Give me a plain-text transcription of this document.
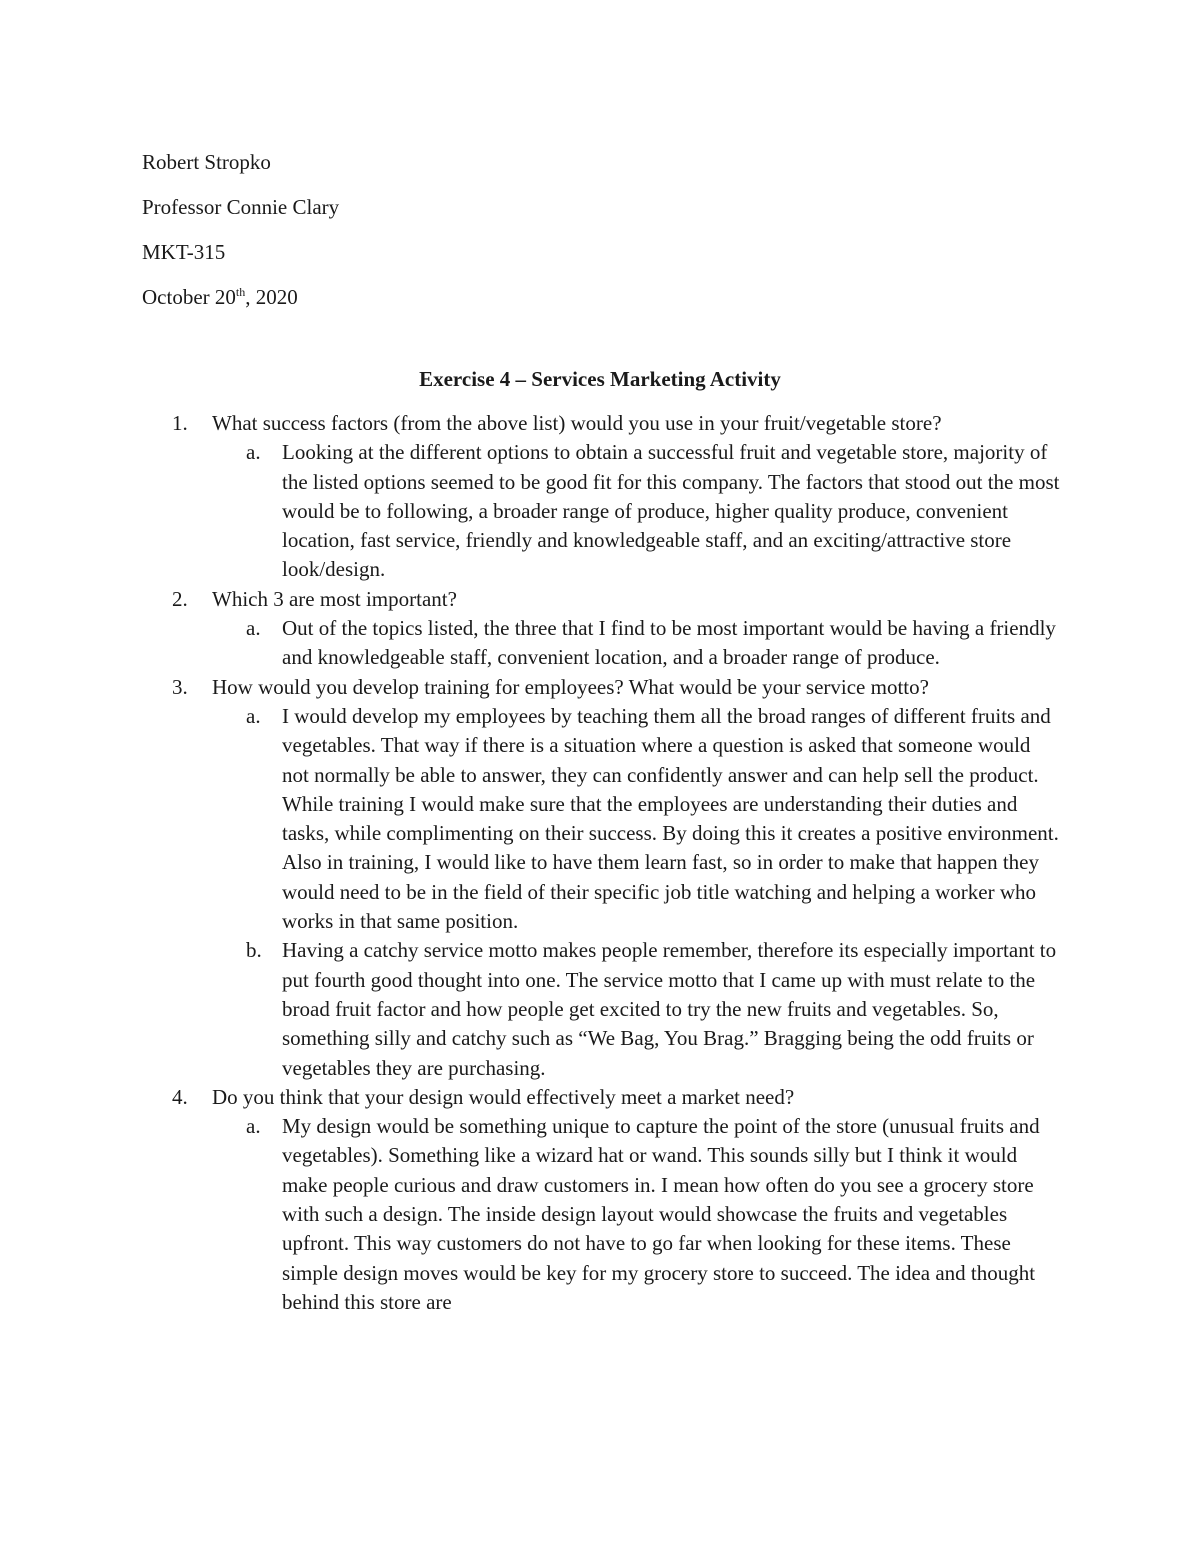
Robert Stropko

Professor Connie Clary

MKT-315

October 20th, 2020

Exercise 4 – Services Marketing Activity
1. What success factors (from the above list) would you use in your fruit/vegetable store?
a. Looking at the different options to obtain a successful fruit and vegetable store, majority of the listed options seemed to be good fit for this company. The factors that stood out the most would be to following, a broader range of produce, higher quality produce, convenient location, fast service, friendly and knowledgeable staff, and an exciting/attractive store look/design.
2. Which 3 are most important?
a. Out of the topics listed, the three that I find to be most important would be having a friendly and knowledgeable staff, convenient location, and a broader range of produce.
3. How would you develop training for employees? What would be your service motto?
a. I would develop my employees by teaching them all the broad ranges of different fruits and vegetables. That way if there is a situation where a question is asked that someone would not normally be able to answer, they can confidently answer and can help sell the product. While training I would make sure that the employees are understanding their duties and tasks, while complimenting on their success. By doing this it creates a positive environment. Also in training, I would like to have them learn fast, so in order to make that happen they would need to be in the field of their specific job title watching and helping a worker who works in that same position.
b. Having a catchy service motto makes people remember, therefore its especially important to put fourth good thought into one. The service motto that I came up with must relate to the broad fruit factor and how people get excited to try the new fruits and vegetables. So, something silly and catchy such as “We Bag, You Brag.” Bragging being the odd fruits or vegetables they are purchasing.
4. Do you think that your design would effectively meet a market need?
a. My design would be something unique to capture the point of the store (unusual fruits and vegetables). Something like a wizard hat or wand. This sounds silly but I think it would make people curious and draw customers in. I mean how often do you see a grocery store with such a design. The inside design layout would showcase the fruits and vegetables upfront. This way customers do not have to go far when looking for these items. These simple design moves would be key for my grocery store to succeed. The idea and thought behind this store are
